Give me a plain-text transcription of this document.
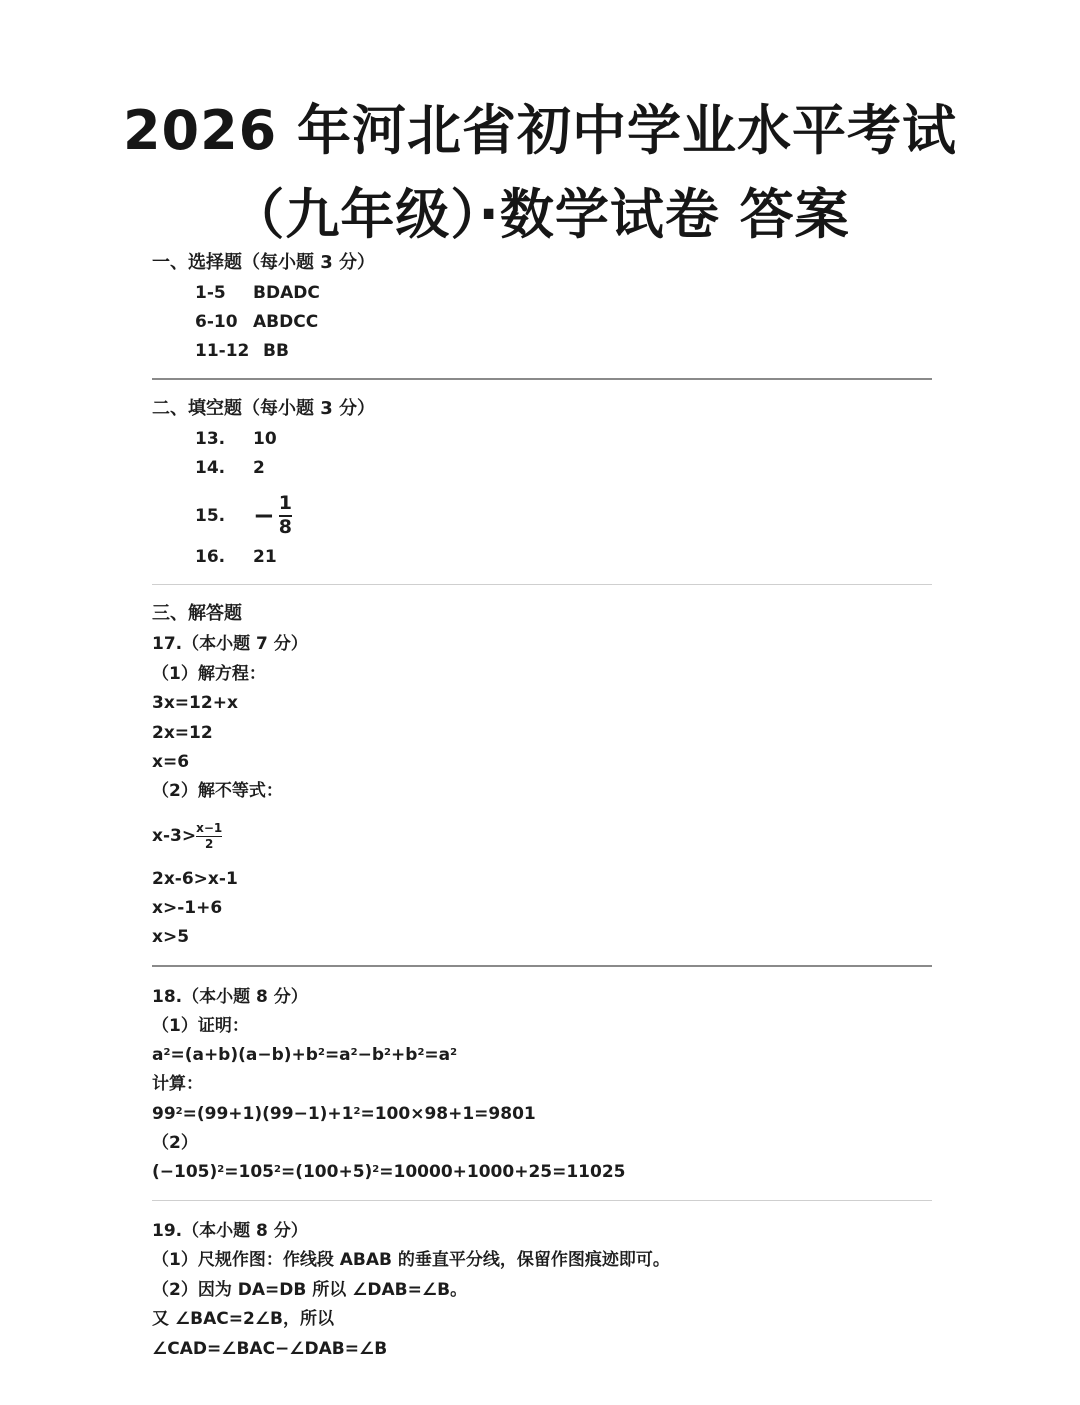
2026 年河北省初中学业水平考试
（九年级）·数学试卷 答案
一、选择题（每小题 3 分）
1-5 BDADC
6-10 ABDCC
11-12 BB
二、填空题（每小题 3 分）
13. 10
14. 2
15. − $\frac{1}{8}$
16. 21
三、解答题
17.（本小题 7 分）
（1）解方程：
3x=12+x
2x=12
x=6
（2）解不等式：
$x-3> \frac{x-1}{2}$
2x-6>x-1
x>-1+6
x>5
18.（本小题 8 分）
（1）证明：
$a^2=(a+b)(a-b)+b^2=a^2-b^2+b^2=a^2$
计算：
$99^2=(99+1)(99-1)+1^2=100\times 98+1=9801$
（2）
$(-105)^2=105^2=(100+5)^2=10000+1000+25=11025$
19.（本小题 8 分）
（1）尺规作图：作线段 ABAB 的垂直平分线，保留作图痕迹即可。
（2）因为 DA=DB 所以 ∠DAB=∠B。
又 ∠BAC=2∠B，所以
∠CAD=∠BAC−∠DAB=∠B
